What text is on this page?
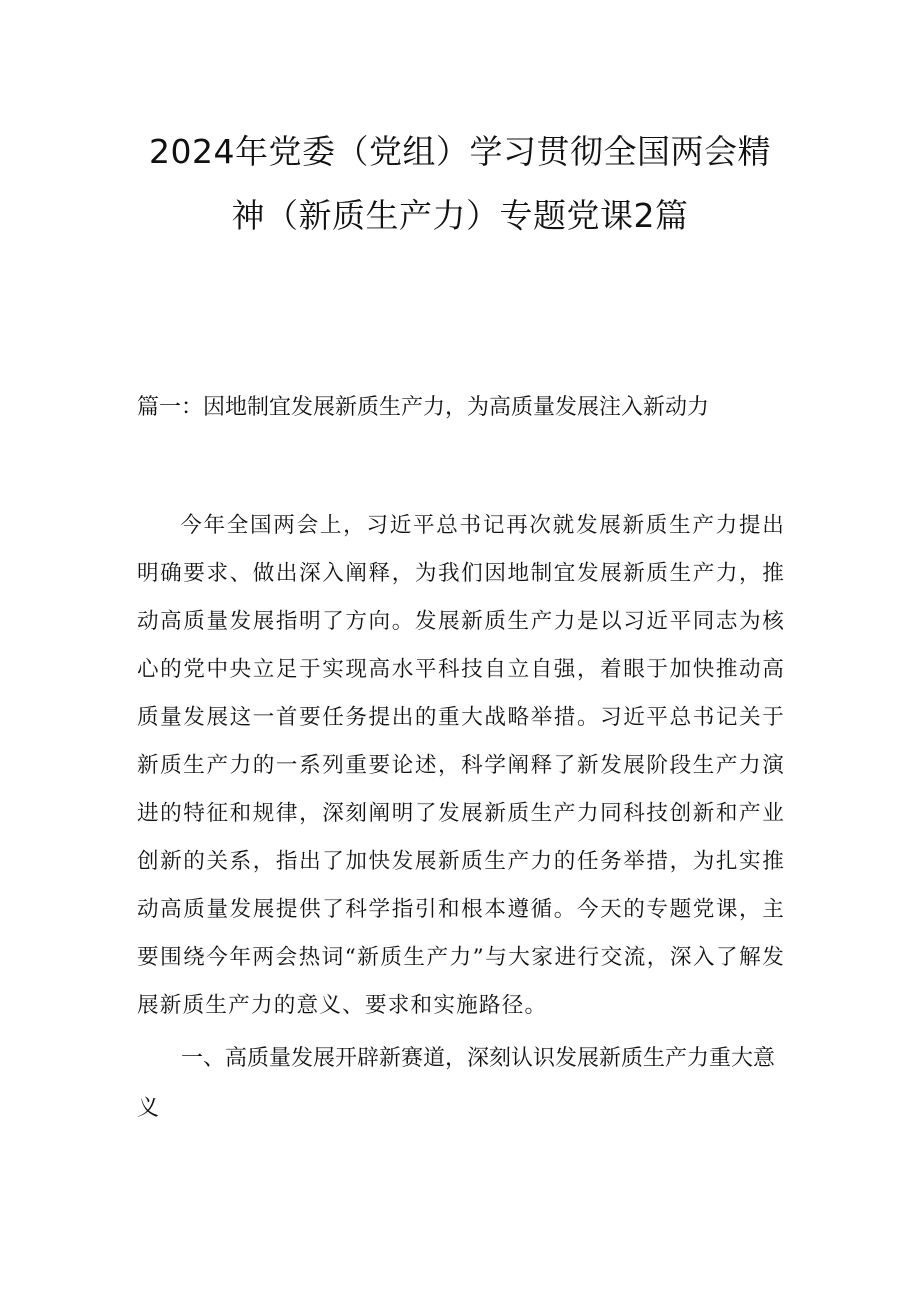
2024年党委（党组）学习贯彻全国两会精
神（新质生产力）专题党课2篇
篇一：因地制宜发展新质生产力，为高质量发展注入新动力

今年全国两会上，习近平总书记再次就发展新质生产力提出明确要求、做出深入阐释，为我们因地制宜发展新质生产力，推动高质量发展指明了方向。发展新质生产力是以习近平同志为核心的党中央立足于实现高水平科技自立自强，着眼于加快推动高质量发展这一首要任务提出的重大战略举措。习近平总书记关于新质生产力的一系列重要论述，科学阐释了新发展阶段生产力演进的特征和规律，深刻阐明了发展新质生产力同科技创新和产业创新的关系，指出了加快发展新质生产力的任务举措，为扎实推动高质量发展提供了科学指引和根本遵循。今天的专题党课，主要围绕今年两会热词“新质生产力”与大家进行交流，深入了解发展新质生产力的意义、要求和实施路径。

一、高质量发展开辟新赛道，深刻认识发展新质生产力重大意义
